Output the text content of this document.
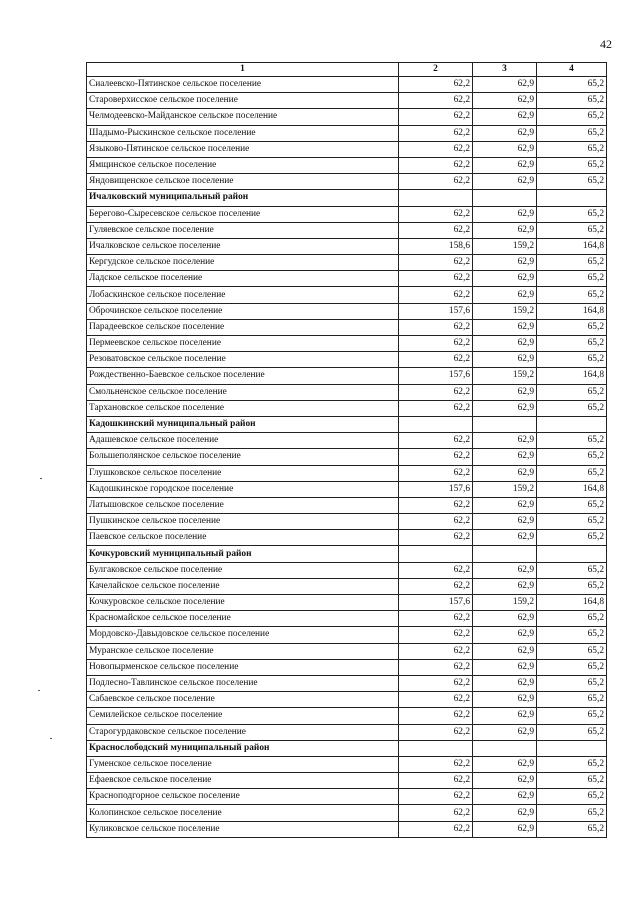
42
1	2	3	4
Сиалеевско-Пятинское сельское поселение	62,2	62,9	65,2
Староверхисское сельское поселение	62,2	62,9	65,2
Челмодеевско-Майданское сельское поселение	62,2	62,9	65,2
Шадымо-Рыскинское сельское поселение	62,2	62,9	65,2
Языково-Пятинское сельское поселение	62,2	62,9	65,2
Ямщинское сельское поселение	62,2	62,9	65,2
Яндовищенское сельское поселение	62,2	62,9	65,2
Ичалковский муниципальный район			
Берегово-Сыресевское сельское поселение	62,2	62,9	65,2
Гуляевское сельское поселение	62,2	62,9	65,2
Ичалковское сельское поселение	158,6	159,2	164,8
Кергудское сельское поселение	62,2	62,9	65,2
Ладское сельское поселение	62,2	62,9	65,2
Лобаскинское сельское поселение	62,2	62,9	65,2
Оброчинское сельское поселение	157,6	159,2	164,8
Парадеевское сельское поселение	62,2	62,9	65,2
Пермеевское сельское поселение	62,2	62,9	65,2
Резоватовское сельское поселение	62,2	62,9	65,2
Рождественно-Баевское сельское поселение	157,6	159,2	164,8
Смольненское сельское поселение	62,2	62,9	65,2
Тархановское сельское поселение	62,2	62,9	65,2
Кадошкинский муниципальный район			
Адашевское сельское поселение	62,2	62,9	65,2
Большеполянское сельское поселение	62,2	62,9	65,2
Глушковское сельское поселение	62,2	62,9	65,2
Кадошкинское городское поселение	157,6	159,2	164,8
Латышовское сельское поселение	62,2	62,9	65,2
Пушкинское сельское поселение	62,2	62,9	65,2
Паевское сельское поселение	62,2	62,9	65,2
Кочкуровский муниципальный район			
Булгаковское сельское поселение	62,2	62,9	65,2
Качелайское сельское поселение	62,2	62,9	65,2
Кочкуровское сельское поселение	157,6	159,2	164,8
Красномайское сельское поселение	62,2	62,9	65,2
Мордовско-Давыдовское сельское поселение	62,2	62,9	65,2
Муранское сельское поселение	62,2	62,9	65,2
Новопырменское сельское поселение	62,2	62,9	65,2
Подлесно-Тавлинское сельское поселение	62,2	62,9	65,2
Сабаевское сельское поселение	62,2	62,9	65,2
Семилейское сельское поселение	62,2	62,9	65,2
Старогурдаковское сельское поселение	62,2	62,9	65,2
Краснослободский муниципальный район			
Гуменское сельское поселение	62,2	62,9	65,2
Ефаевское сельское поселение	62,2	62,9	65,2
Красноподгорное сельское поселение	62,2	62,9	65,2
Колопинское сельское поселение	62,2	62,9	65,2
Куликовское сельское поселение	62,2	62,9	65,2
